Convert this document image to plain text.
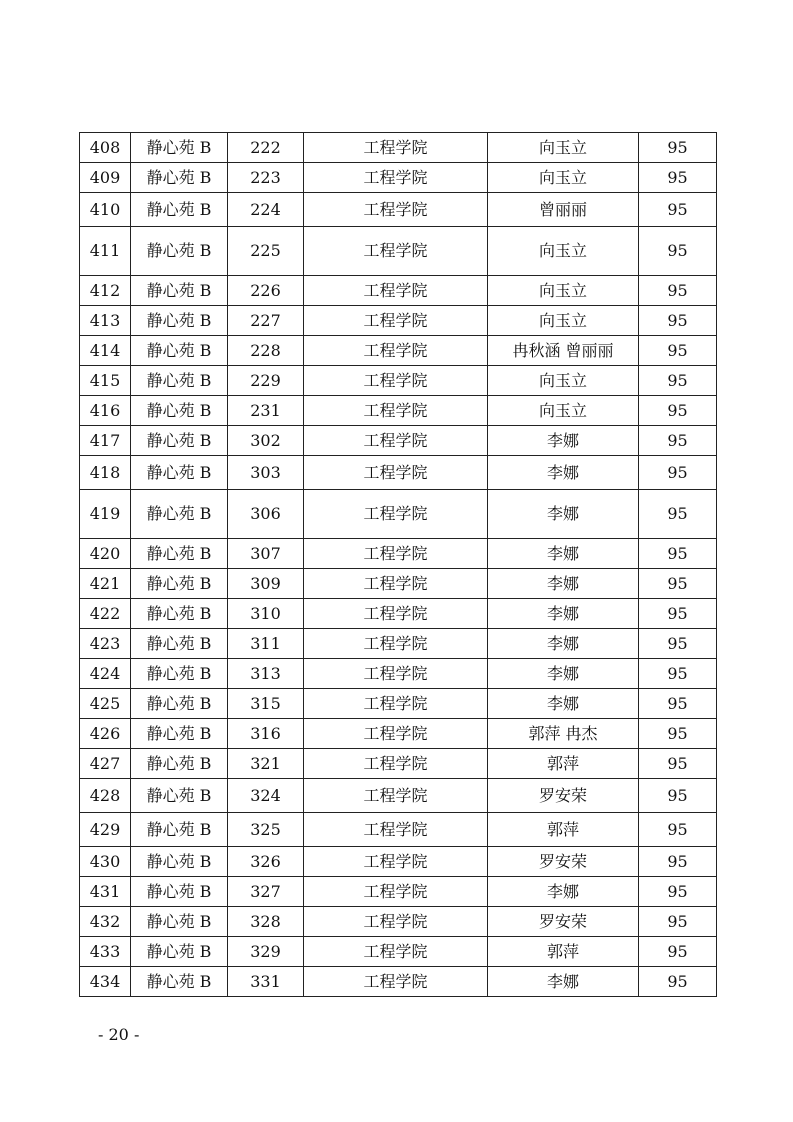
408	静心苑 B	222	工程学院	向玉立	95
409	静心苑 B	223	工程学院	向玉立	95
410	静心苑 B	224	工程学院	曾丽丽	95
411	静心苑 B	225	工程学院	向玉立	95
412	静心苑 B	226	工程学院	向玉立	95
413	静心苑 B	227	工程学院	向玉立	95
414	静心苑 B	228	工程学院	冉秋涵 曾丽丽	95
415	静心苑 B	229	工程学院	向玉立	95
416	静心苑 B	231	工程学院	向玉立	95
417	静心苑 B	302	工程学院	李娜	95
418	静心苑 B	303	工程学院	李娜	95
419	静心苑 B	306	工程学院	李娜	95
420	静心苑 B	307	工程学院	李娜	95
421	静心苑 B	309	工程学院	李娜	95
422	静心苑 B	310	工程学院	李娜	95
423	静心苑 B	311	工程学院	李娜	95
424	静心苑 B	313	工程学院	李娜	95
425	静心苑 B	315	工程学院	李娜	95
426	静心苑 B	316	工程学院	郭萍 冉杰	95
427	静心苑 B	321	工程学院	郭萍	95
428	静心苑 B	324	工程学院	罗安荣	95
429	静心苑 B	325	工程学院	郭萍	95
430	静心苑 B	326	工程学院	罗安荣	95
431	静心苑 B	327	工程学院	李娜	95
432	静心苑 B	328	工程学院	罗安荣	95
433	静心苑 B	329	工程学院	郭萍	95
434	静心苑 B	331	工程学院	李娜	95
- 20 -
